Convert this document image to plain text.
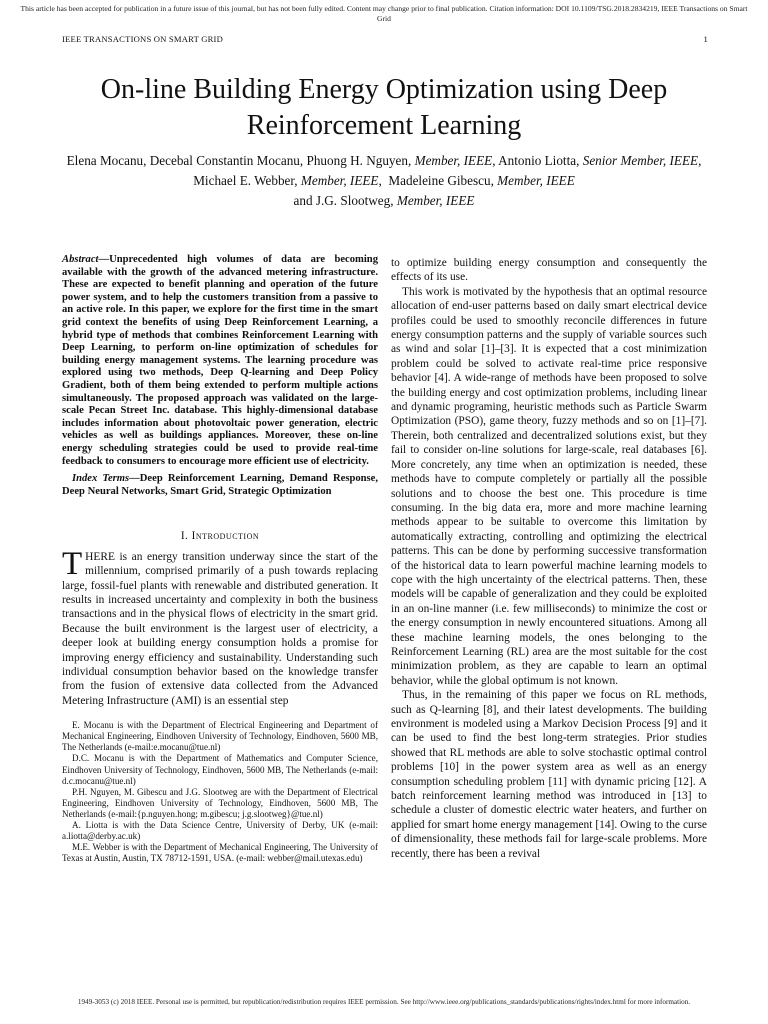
This article has been accepted for publication in a future issue of this journal, but has not been fully edited. Content may change prior to final publication. Citation information: DOI 10.1109/TSG.2018.2834219, IEEE Transactions on Smart Grid
IEEE TRANSACTIONS ON SMART GRID	1
On-line Building Energy Optimization using Deep Reinforcement Learning
Elena Mocanu, Decebal Constantin Mocanu, Phuong H. Nguyen, Member, IEEE, Antonio Liotta, Senior Member, IEEE, Michael E. Webber, Member, IEEE,  Madeleine Gibescu, Member, IEEE
and J.G. Slootweg, Member, IEEE

Abstract—Unprecedented high volumes of data are becoming available with the growth of the advanced metering infrastructure. These are expected to benefit planning and operation of the future power system, and to help the customers transition from a passive to an active role. In this paper, we explore for the first time in the smart grid context the benefits of using Deep Reinforcement Learning, a hybrid type of methods that combines Reinforcement Learning with Deep Learning, to perform on-line optimization of schedules for building energy management systems. The learning procedure was explored using two methods, Deep Q-learning and Deep Policy Gradient, both of them being extended to perform multiple actions simultaneously. The proposed approach was validated on the large-scale Pecan Street Inc. database. This highly-dimensional database includes information about photovoltaic power generation, electric vehicles as well as buildings appliances. Moreover, these on-line energy scheduling strategies could be used to provide real-time feedback to consumers to encourage more efficient use of electricity.

Index Terms—Deep Reinforcement Learning, Demand Response, Deep Neural Networks, Smart Grid, Strategic Optimization

I. Introduction

THERE is an energy transition underway since the start of the millennium, comprised primarily of a push towards replacing large, fossil-fuel plants with renewable and distributed generation. It results in increased uncertainty and complexity in both the business transactions and in the physical flows of electricity in the smart grid. Because the built environment is the largest user of electricity, a deeper look at building energy consumption holds a promise for improving energy efficiency and sustainability. Understanding such individual consumption behavior based on the knowledge transfer from the fusion of extensive data collected from the Advanced Metering Infrastructure (AMI) is an essential step

E. Mocanu is with the Department of Electrical Engineering and Department of Mechanical Engineering, Eindhoven University of Technology, Eindhoven, 5600 MB, The Netherlands (e-mail:e.mocanu@tue.nl)

D.C. Mocanu is with the Department of Mathematics and Computer Science, Eindhoven University of Technology, Eindhoven, 5600 MB, The Netherlands (e-mail: d.c.mocanu@tue.nl)

P.H. Nguyen, M. Gibescu and J.G. Slootweg are with the Department of Electrical Engineering, Eindhoven University of Technology, Eindhoven, 5600 MB, The Netherlands (e-mail:{p.nguyen.hong; m.gibescu; j.g.slootweg}@tue.nl)

A. Liotta is with the Data Science Centre, University of Derby, UK (e-mail: a.liotta@derby.ac.uk)

M.E. Webber is with the Department of Mechanical Engineering, The University of Texas at Austin, Austin, TX 78712-1591, USA. (e-mail: webber@mail.utexas.edu)

to optimize building energy consumption and consequently the effects of its use.

This work is motivated by the hypothesis that an optimal resource allocation of end-user patterns based on daily smart electrical device profiles could be used to smoothly reconcile differences in future energy consumption patterns and the supply of variable sources such as wind and solar [1]–[3]. It is expected that a cost minimization problem could be solved to activate real-time price responsive behavior [4]. A wide-range of methods have been proposed to solve the building energy and cost optimization problems, including linear and dynamic programing, heuristic methods such as Particle Swarm Optimization (PSO), game theory, fuzzy methods and so on [1]–[7]. Therein, both centralized and decentralized solutions exist, but they fail to consider on-line solutions for large-scale, real databases [6]. More concretely, any time when an optimization is needed, these methods have to compute completely or partially all the possible solutions and to choose the best one. This procedure is time consuming. In the big data era, more and more machine learning methods appear to be suitable to overcome this limitation by automatically extracting, controlling and optimizing the electrical patterns. This can be done by performing successive transformation of the historical data to learn powerful machine learning models to cope with the high uncertainty of the electrical patterns. Then, these models will be capable of generalization and they could be exploited in an on-line manner (i.e. few milliseconds) to minimize the cost or the energy consumption in newly encountered situations. Among all these machine learning models, the ones belonging to the Reinforcement Learning (RL) area are the most suitable for the cost minimization problem, as they are capable to learn an optimal behavior, while the global optimum is not known.

Thus, in the remaining of this paper we focus on RL methods, such as Q-learning [8], and their latest developments. The building environment is modeled using a Markov Decision Process [9] and it can be used to find the best long-term strategies. Prior studies showed that RL methods are able to solve stochastic optimal control problems [10] in the power system area as well as an energy consumption scheduling problem [11] with dynamic pricing [12]. A batch reinforcement learning method was introduced in [13] to schedule a cluster of domestic electric water heaters, and further on applied for smart home energy management [14]. Owing to the curse of dimensionality, these methods fail for large-scale problems. More recently, there has been a revival

1949-3053 (c) 2018 IEEE. Personal use is permitted, but republication/redistribution requires IEEE permission. See http://www.ieee.org/publications_standards/publications/rights/index.html for more information.
